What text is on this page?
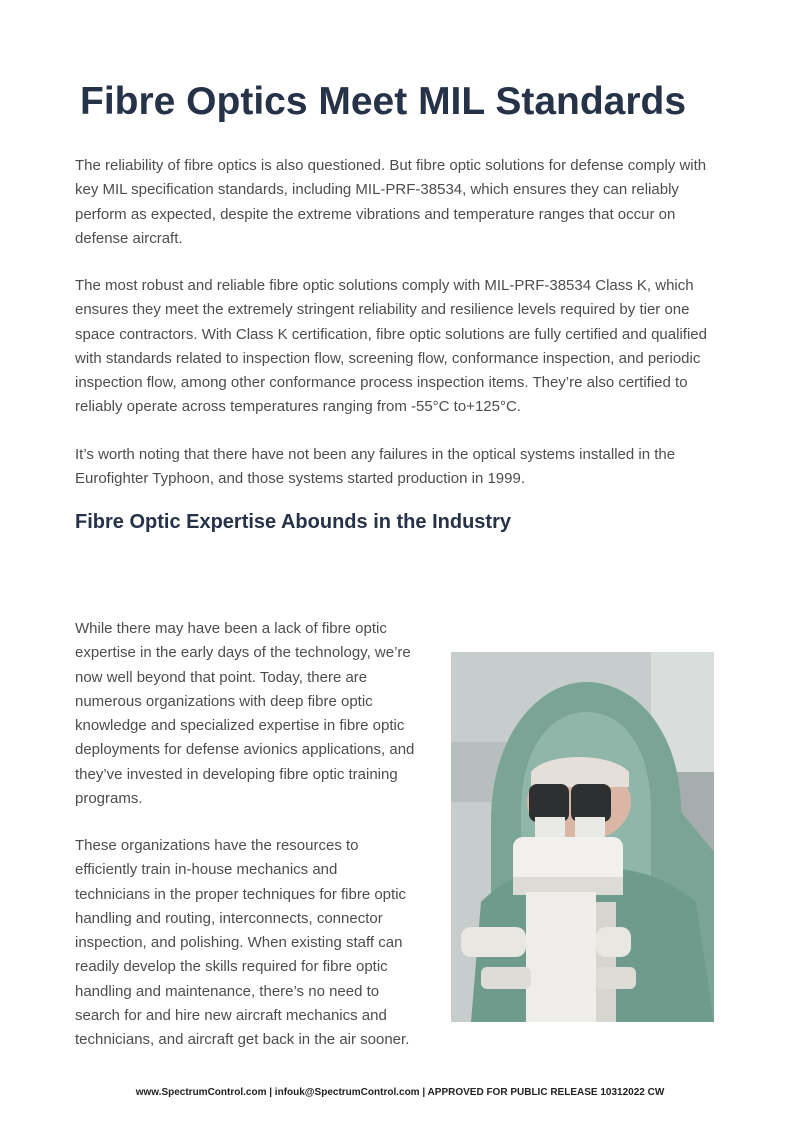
Fibre Optics Meet MIL Standards

The reliability of fibre optics is also questioned. But fibre optic solutions for defense comply with key MIL specification standards, including MIL-PRF-38534, which ensures they can reliably perform as expected, despite the extreme vibrations and temperature ranges that occur on defense aircraft.

The most robust and reliable fibre optic solutions comply with MIL-PRF-38534 Class K, which ensures they meet the extremely stringent reliability and resilience levels required by tier one space contractors. With Class K certification, fibre optic solutions are fully certified and qualified with standards related to inspection flow, screening flow, conformance inspection, and periodic inspection flow, among other conformance process inspection items. They’re also certified to reliably operate across temperatures ranging from -55°C to+125°C.

It’s worth noting that there have not been any failures in the optical systems installed in the Eurofighter Typhoon, and those systems started production in 1999.

Fibre Optic Expertise Abounds in the Industry

While there may have been a lack of fibre optic expertise in the early days of the technology, we’re now well beyond that point. Today, there are numerous organizations with deep fibre optic knowledge and specialized expertise in fibre optic deployments for defense avionics applications, and they’ve invested in developing fibre optic training programs.

These organizations have the resources to efficiently train in-house mechanics and technicians in the proper techniques for fibre optic handling and routing, interconnects, connector inspection, and polishing. When existing staff can readily develop the skills required for fibre optic handling and maintenance, there’s no need to search for and hire new aircraft mechanics and technicians, and aircraft get back in the air sooner.

www.SpectrumControl.com | infouk@SpectrumControl.com | APPROVED FOR PUBLIC RELEASE 10312022 CW
